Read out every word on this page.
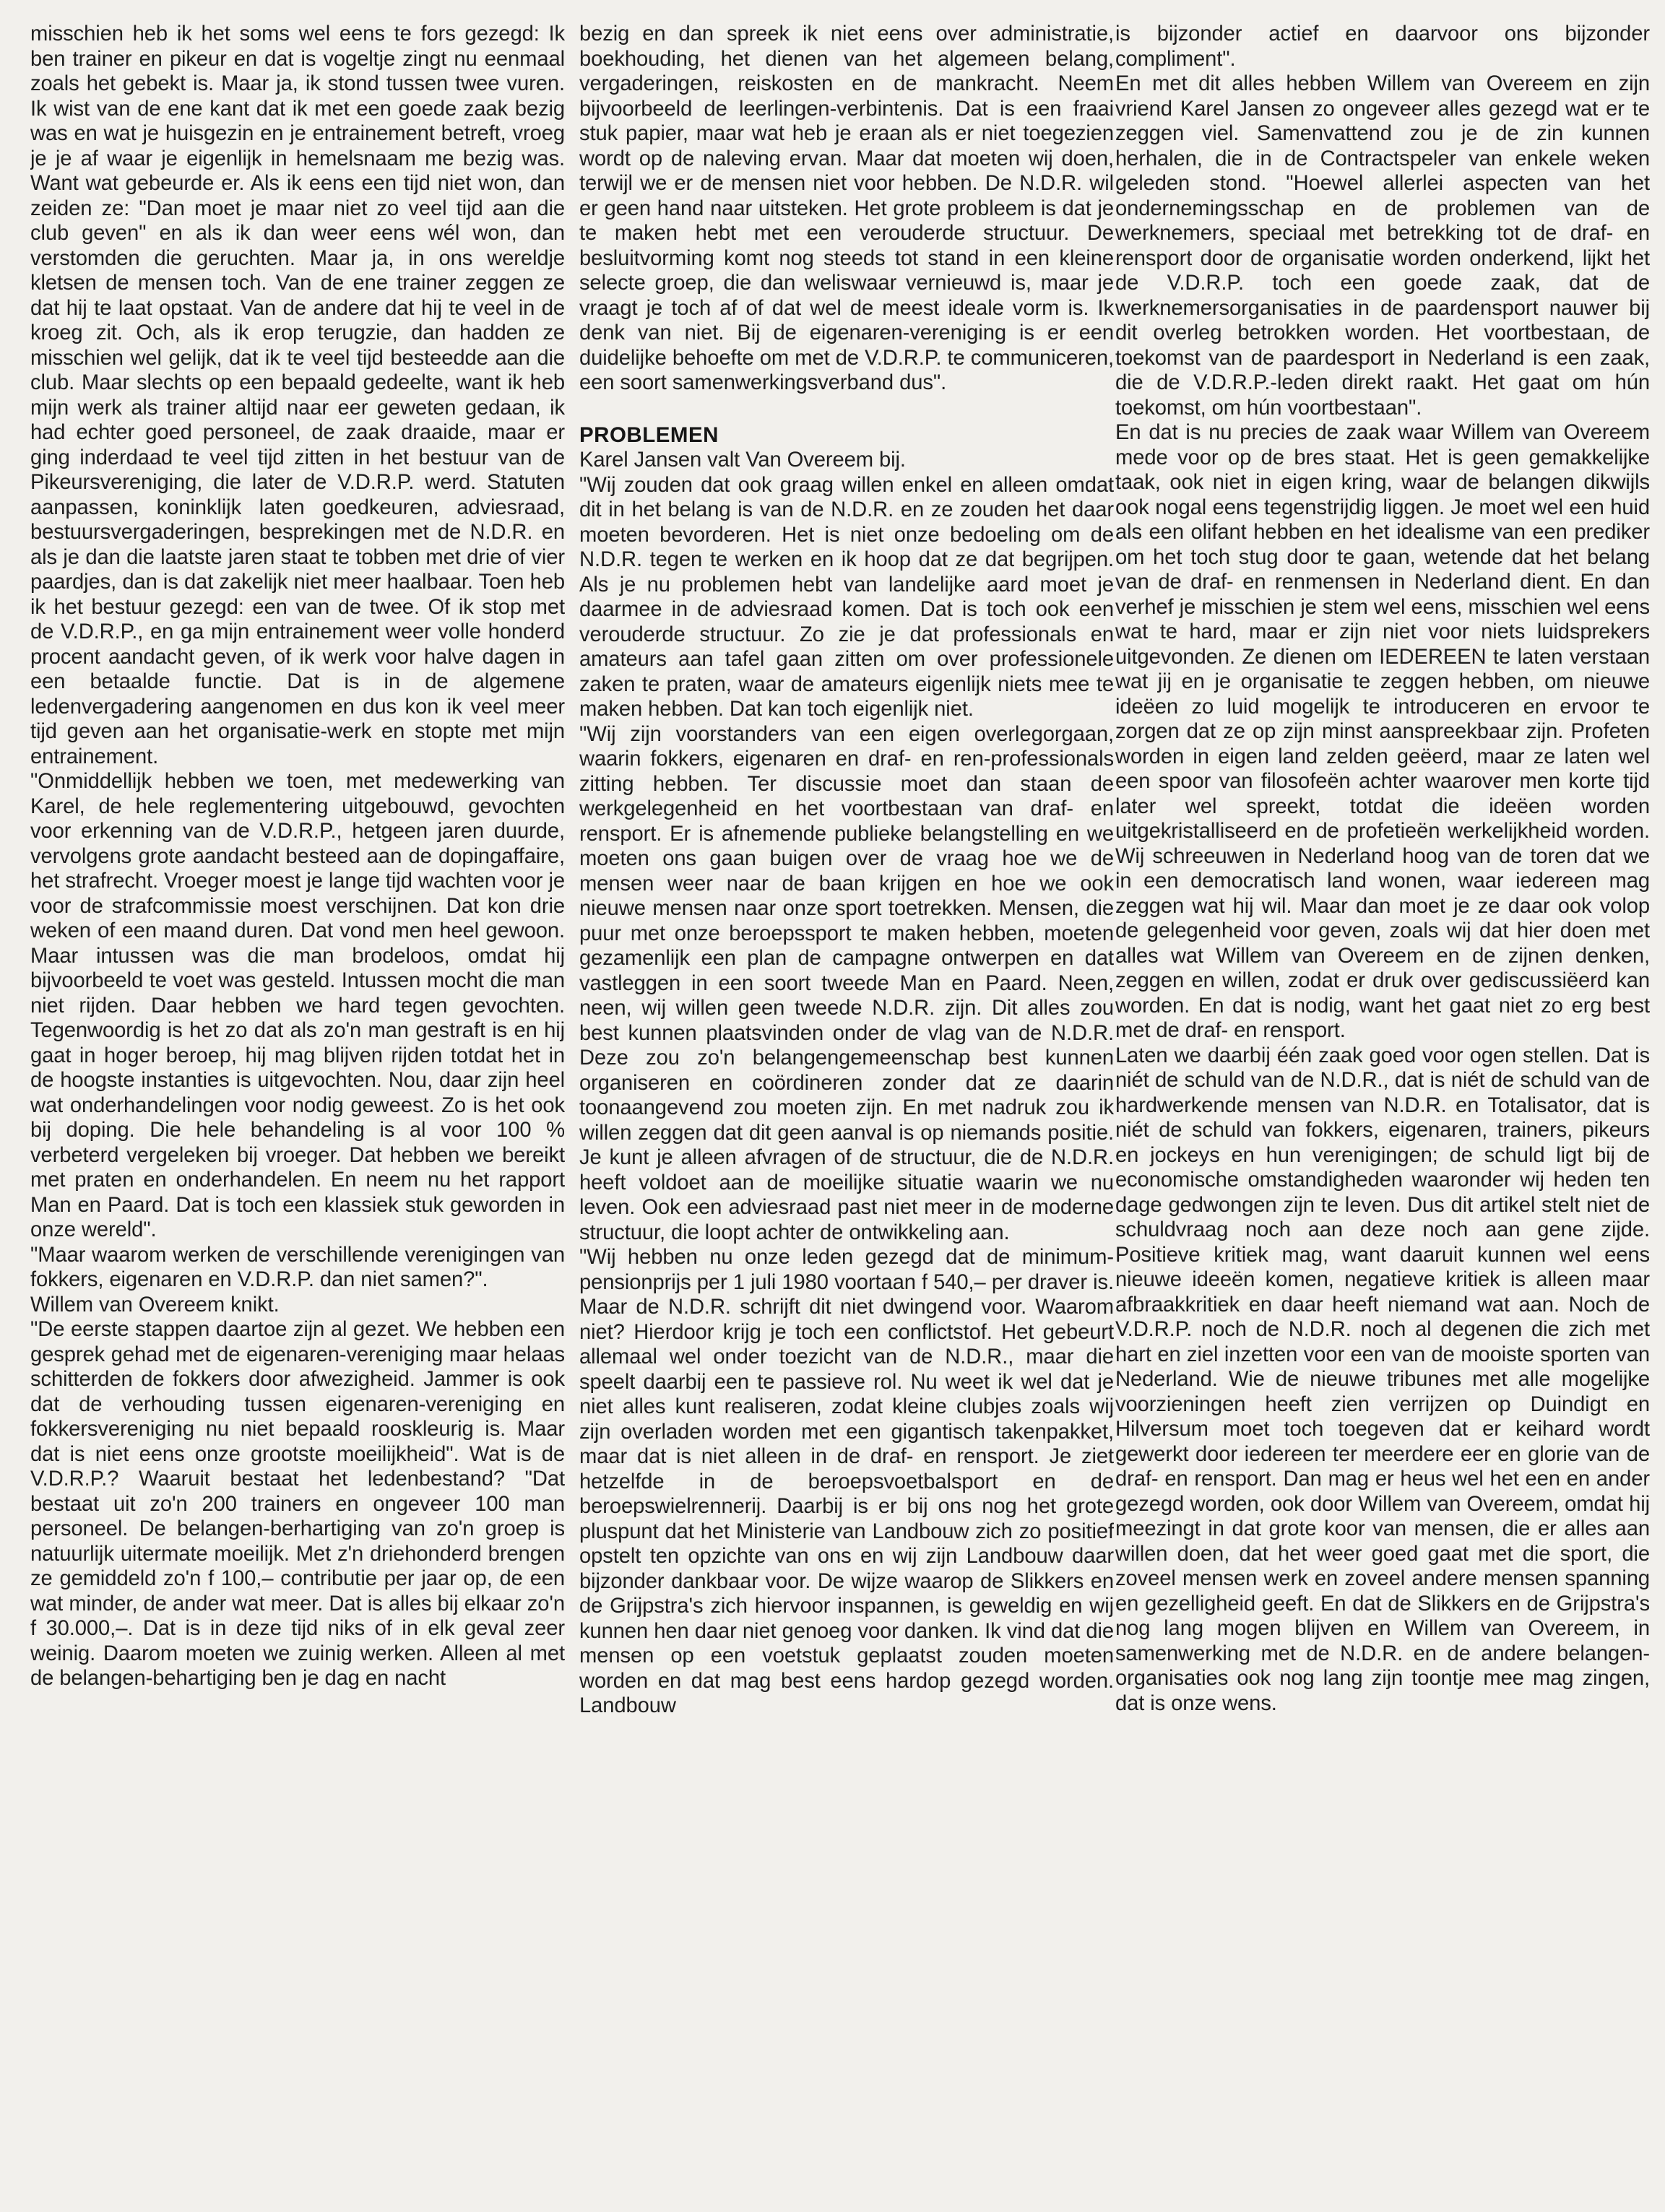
misschien heb ik het soms wel eens te fors gezegd: Ik ben trainer en pikeur en dat is vogeltje zingt nu eenmaal zoals het gebekt is. Maar ja, ik stond tussen twee vuren. Ik wist van de ene kant dat ik met een goede zaak bezig was en wat je huisgezin en je entrainement betreft, vroeg je je af waar je eigenlijk in hemelsnaam me bezig was. Want wat gebeurde er. Als ik eens een tijd niet won, dan zeiden ze: "Dan moet je maar niet zo veel tijd aan die club geven" en als ik dan weer eens wél won, dan verstomden die geruchten. Maar ja, in ons wereldje kletsen de mensen toch. Van de ene trainer zeggen ze dat hij te laat opstaat. Van de andere dat hij te veel in de kroeg zit. Och, als ik erop terugzie, dan hadden ze misschien wel gelijk, dat ik te veel tijd besteedde aan die club. Maar slechts op een bepaald gedeelte, want ik heb mijn werk als trainer altijd naar eer geweten gedaan, ik had echter goed personeel, de zaak draaide, maar er ging inderdaad te veel tijd zitten in het bestuur van de Pikeursvereniging, die later de V.D.R.P. werd. Statuten aanpassen, koninklijk laten goedkeuren, adviesraad, bestuursvergaderingen, besprekingen met de N.D.R. en als je dan die laatste jaren staat te tobben met drie of vier paardjes, dan is dat zakelijk niet meer haalbaar. Toen heb ik het bestuur gezegd: een van de twee. Of ik stop met de V.D.R.P., en ga mijn entrainement weer volle honderd procent aandacht geven, of ik werk voor halve dagen in een betaalde functie. Dat is in de algemene ledenvergadering aangenomen en dus kon ik veel meer tijd geven aan het organisatie-werk en stopte met mijn entrainement.

"Onmiddellijk hebben we toen, met medewerking van Karel, de hele reglementering uitgebouwd, gevochten voor erkenning van de V.D.R.P., hetgeen jaren duurde, vervolgens grote aandacht besteed aan de dopingaffaire, het strafrecht. Vroeger moest je lange tijd wachten voor je voor de strafcommissie moest verschijnen. Dat kon drie weken of een maand duren. Dat vond men heel gewoon. Maar intussen was die man brodeloos, omdat hij bijvoorbeeld te voet was gesteld. Intussen mocht die man niet rijden. Daar hebben we hard tegen gevochten. Tegenwoordig is het zo dat als zo'n man gestraft is en hij gaat in hoger beroep, hij mag blijven rijden totdat het in de hoogste instanties is uitgevochten. Nou, daar zijn heel wat onderhandelingen voor nodig geweest. Zo is het ook bij doping. Die hele behandeling is al voor 100 % verbeterd vergeleken bij vroeger. Dat hebben we bereikt met praten en onderhandelen. En neem nu het rapport Man en Paard. Dat is toch een klassiek stuk geworden in onze wereld".

"Maar waarom werken de verschillende verenigingen van fokkers, eigenaren en V.D.R.P. dan niet samen?".

Willem van Overeem knikt.

"De eerste stappen daartoe zijn al gezet. We hebben een gesprek gehad met de eigenaren-vereniging maar helaas schitterden de fokkers door afwezigheid. Jammer is ook dat de verhouding tussen eigenaren-vereniging en fokkersvereniging nu niet bepaald rooskleurig is. Maar dat is niet eens onze grootste moeilijkheid". Wat is de V.D.R.P.? Waaruit bestaat het ledenbestand? "Dat bestaat uit zo'n 200 trainers en ongeveer 100 man personeel. De belangen-berhartiging van zo'n groep is natuurlijk uitermate moeilijk. Met z'n driehonderd brengen ze gemiddeld zo'n f 100,– contributie per jaar op, de een wat minder, de ander wat meer. Dat is alles bij elkaar zo'n f 30.000,–. Dat is in deze tijd niks of in elk geval zeer weinig. Daarom moeten we zuinig werken. Alleen al met de belangen-behartiging ben je dag en nacht

bezig en dan spreek ik niet eens over administratie, boekhouding, het dienen van het algemeen belang, vergaderingen, reiskosten en de mankracht. Neem bijvoorbeeld de leerlingen-verbintenis. Dat is een fraai stuk papier, maar wat heb je eraan als er niet toegezien wordt op de naleving ervan. Maar dat moeten wij doen, terwijl we er de mensen niet voor hebben. De N.D.R. wil er geen hand naar uitsteken. Het grote probleem is dat je te maken hebt met een verouderde structuur. De besluitvorming komt nog steeds tot stand in een kleine selecte groep, die dan weliswaar vernieuwd is, maar je vraagt je toch af of dat wel de meest ideale vorm is. Ik denk van niet. Bij de eigenaren-vereniging is er een duidelijke behoefte om met de V.D.R.P. te communiceren, een soort samenwerkingsverband dus".

PROBLEMEN

Karel Jansen valt Van Overeem bij.

"Wij zouden dat ook graag willen enkel en alleen omdat dit in het belang is van de N.D.R. en ze zouden het daar moeten bevorderen. Het is niet onze bedoeling om de N.D.R. tegen te werken en ik hoop dat ze dat begrijpen. Als je nu problemen hebt van landelijke aard moet je daarmee in de adviesraad komen. Dat is toch ook een verouderde structuur. Zo zie je dat professionals en amateurs aan tafel gaan zitten om over professionele zaken te praten, waar de amateurs eigenlijk niets mee te maken hebben. Dat kan toch eigenlijk niet.

"Wij zijn voorstanders van een eigen overlegorgaan, waarin fokkers, eigenaren en draf- en ren-professionals zitting hebben. Ter discussie moet dan staan de werkgelegenheid en het voortbestaan van draf- en rensport. Er is afnemende publieke belangstelling en we moeten ons gaan buigen over de vraag hoe we de mensen weer naar de baan krijgen en hoe we ook nieuwe mensen naar onze sport toetrekken. Mensen, die puur met onze beroepssport te maken hebben, moeten gezamenlijk een plan de campagne ontwerpen en dat vastleggen in een soort tweede Man en Paard. Neen, neen, wij willen geen tweede N.D.R. zijn. Dit alles zou best kunnen plaatsvinden onder de vlag van de N.D.R. Deze zou zo'n belangengemeenschap best kunnen organiseren en coördineren zonder dat ze daarin toonaangevend zou moeten zijn. En met nadruk zou ik willen zeggen dat dit geen aanval is op niemands positie. Je kunt je alleen afvragen of de structuur, die de N.D.R. heeft voldoet aan de moeilijke situatie waarin we nu leven. Ook een adviesraad past niet meer in de moderne structuur, die loopt achter de ontwikkeling aan.

"Wij hebben nu onze leden gezegd dat de minimum-pensionprijs per 1 juli 1980 voortaan f 540,– per draver is. Maar de N.D.R. schrijft dit niet dwingend voor. Waarom niet? Hierdoor krijg je toch een conflictstof. Het gebeurt allemaal wel onder toezicht van de N.D.R., maar die speelt daarbij een te passieve rol. Nu weet ik wel dat je niet alles kunt realiseren, zodat kleine clubjes zoals wij zijn overladen worden met een gigantisch takenpakket, maar dat is niet alleen in de draf- en rensport. Je ziet hetzelfde in de beroepsvoetbalsport en de beroepswielrennerij. Daarbij is er bij ons nog het grote pluspunt dat het Ministerie van Landbouw zich zo positief opstelt ten opzichte van ons en wij zijn Landbouw daar bijzonder dankbaar voor. De wijze waarop de Slikkers en de Grijpstra's zich hiervoor inspannen, is geweldig en wij kunnen hen daar niet genoeg voor danken. Ik vind dat die mensen op een voetstuk geplaatst zouden moeten worden en dat mag best eens hardop gezegd worden. Landbouw

is bijzonder actief en daarvoor ons bijzonder compliment".

En met dit alles hebben Willem van Overeem en zijn vriend Karel Jansen zo ongeveer alles gezegd wat er te zeggen viel. Samenvattend zou je de zin kunnen herhalen, die in de Contractspeler van enkele weken geleden stond. "Hoewel allerlei aspecten van het ondernemingsschap en de problemen van de werknemers, speciaal met betrekking tot de draf- en rensport door de organisatie worden onderkend, lijkt het de V.D.R.P. toch een goede zaak, dat de werknemersorganisaties in de paardensport nauwer bij dit overleg betrokken worden. Het voortbestaan, de toekomst van de paardesport in Nederland is een zaak, die de V.D.R.P.-leden direkt raakt. Het gaat om hún toekomst, om hún voortbestaan".

En dat is nu precies de zaak waar Willem van Overeem mede voor op de bres staat. Het is geen gemakkelijke taak, ook niet in eigen kring, waar de belangen dikwijls ook nogal eens tegenstrijdig liggen. Je moet wel een huid als een olifant hebben en het idealisme van een prediker om het toch stug door te gaan, wetende dat het belang van de draf- en renmensen in Nederland dient. En dan verhef je misschien je stem wel eens, misschien wel eens wat te hard, maar er zijn niet voor niets luidsprekers uitgevonden. Ze dienen om IEDEREEN te laten verstaan wat jij en je organisatie te zeggen hebben, om nieuwe ideëen zo luid mogelijk te introduceren en ervoor te zorgen dat ze op zijn minst aanspreekbaar zijn. Profeten worden in eigen land zelden geëerd, maar ze laten wel een spoor van filosofeën achter waarover men korte tijd later wel spreekt, totdat die ideëen worden uitgekristalliseerd en de profetieën werkelijkheid worden. Wij schreeuwen in Nederland hoog van de toren dat we in een democratisch land wonen, waar iedereen mag zeggen wat hij wil. Maar dan moet je ze daar ook volop de gelegenheid voor geven, zoals wij dat hier doen met alles wat Willem van Overeem en de zijnen denken, zeggen en willen, zodat er druk over gediscussiëerd kan worden. En dat is nodig, want het gaat niet zo erg best met de draf- en rensport.

Laten we daarbij één zaak goed voor ogen stellen. Dat is niét de schuld van de N.D.R., dat is niét de schuld van de hardwerkende mensen van N.D.R. en Totalisator, dat is niét de schuld van fokkers, eigenaren, trainers, pikeurs en jockeys en hun verenigingen; de schuld ligt bij de economische omstandigheden waaronder wij heden ten dage gedwongen zijn te leven. Dus dit artikel stelt niet de schuldvraag noch aan deze noch aan gene zijde. Positieve kritiek mag, want daaruit kunnen wel eens nieuwe ideeën komen, negatieve kritiek is alleen maar afbraakkritiek en daar heeft niemand wat aan. Noch de V.D.R.P. noch de N.D.R. noch al degenen die zich met hart en ziel inzetten voor een van de mooiste sporten van Nederland. Wie de nieuwe tribunes met alle mogelijke voorzieningen heeft zien verrijzen op Duindigt en Hilversum moet toch toegeven dat er keihard wordt gewerkt door iedereen ter meerdere eer en glorie van de draf- en rensport. Dan mag er heus wel het een en ander gezegd worden, ook door Willem van Overeem, omdat hij meezingt in dat grote koor van mensen, die er alles aan willen doen, dat het weer goed gaat met die sport, die zoveel mensen werk en zoveel andere mensen spanning en gezelligheid geeft. En dat de Slikkers en de Grijpstra's nog lang mogen blijven en Willem van Overeem, in samenwerking met de N.D.R. en de andere belangen-organisaties ook nog lang zijn toontje mee mag zingen, dat is onze wens.
